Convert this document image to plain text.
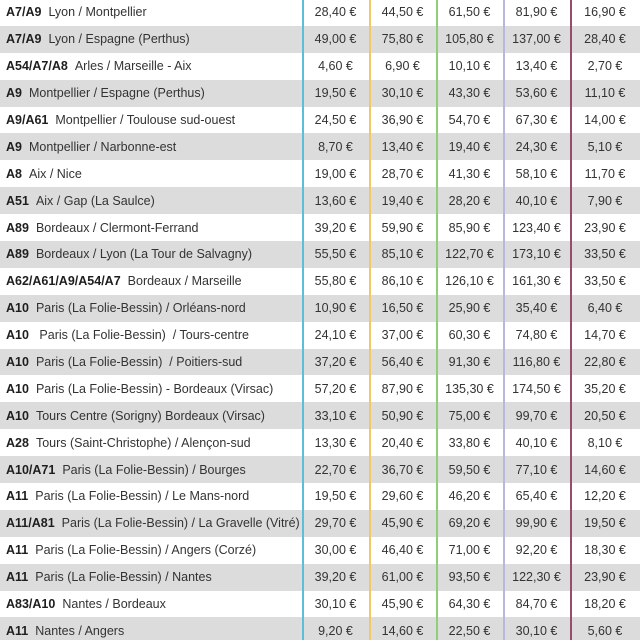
A7/A9 Lyon / Montpellier	28,40 €	44,50 €	61,50 €	81,90 €	16,90 €
A7/A9 Lyon / Espagne (Perthus)	49,00 €	75,80 €	105,80 €	137,00 €	28,40 €
A54/A7/A8 Arles / Marseille - Aix	4,60 €	6,90 €	10,10 €	13,40 €	2,70 €
A9 Montpellier / Espagne (Perthus)	19,50 €	30,10 €	43,30 €	53,60 €	11,10 €
A9/A61 Montpellier / Toulouse sud-ouest	24,50 €	36,90 €	54,70 €	67,30 €	14,00 €
A9 Montpellier / Narbonne-est	8,70 €	13,40 €	19,40 €	24,30 €	5,10 €
A8 Aix / Nice	19,00 €	28,70 €	41,30 €	58,10 €	11,70 €
A51 Aix / Gap (La Saulce)	13,60 €	19,40 €	28,20 €	40,10 €	7,90 €
A89 Bordeaux / Clermont-Ferrand	39,20 €	59,90 €	85,90 €	123,40 €	23,90 €
A89 Bordeaux / Lyon (La Tour de Salvagny)	55,50 €	85,10 €	122,70 €	173,10 €	33,50 €
A62/A61/A9/A54/A7 Bordeaux / Marseille	55,80 €	86,10 €	126,10 €	161,30 €	33,50 €
A10 Paris (La Folie-Bessin) / Orléans-nord	10,90 €	16,50 €	25,90 €	35,40 €	6,40 €
A10 Paris (La Folie-Bessin)  / Tours-centre	24,10 €	37,00 €	60,30 €	74,80 €	14,70 €
A10 Paris (La Folie-Bessin)  / Poitiers-sud	37,20 €	56,40 €	91,30 €	116,80 €	22,80 €
A10 Paris (La Folie-Bessin) - Bordeaux (Virsac)	57,20 €	87,90 €	135,30 €	174,50 €	35,20 €
A10 Tours Centre (Sorigny) Bordeaux (Virsac)	33,10 €	50,90 €	75,00 €	99,70 €	20,50 €
A28 Tours (Saint-Christophe) / Alençon-sud	13,30 €	20,40 €	33,80 €	40,10 €	8,10 €
A10/A71 Paris (La Folie-Bessin) / Bourges	22,70 €	36,70 €	59,50 €	77,10 €	14,60 €
A11 Paris (La Folie-Bessin) / Le Mans-nord	19,50 €	29,60 €	46,20 €	65,40 €	12,20 €
A11/A81 Paris (La Folie-Bessin) / La Gravelle (Vitré)	29,70 €	45,90 €	69,20 €	99,90 €	19,50 €
A11 Paris (La Folie-Bessin) / Angers (Corzé)	30,00 €	46,40 €	71,00 €	92,20 €	18,30 €
A11 Paris (La Folie-Bessin) / Nantes	39,20 €	61,00 €	93,50 €	122,30 €	23,90 €
A83/A10 Nantes / Bordeaux	30,10 €	45,90 €	64,30 €	84,70 €	18,20 €
A11 Nantes / Angers	9,20 €	14,60 €	22,50 €	30,10 €	5,60 €
